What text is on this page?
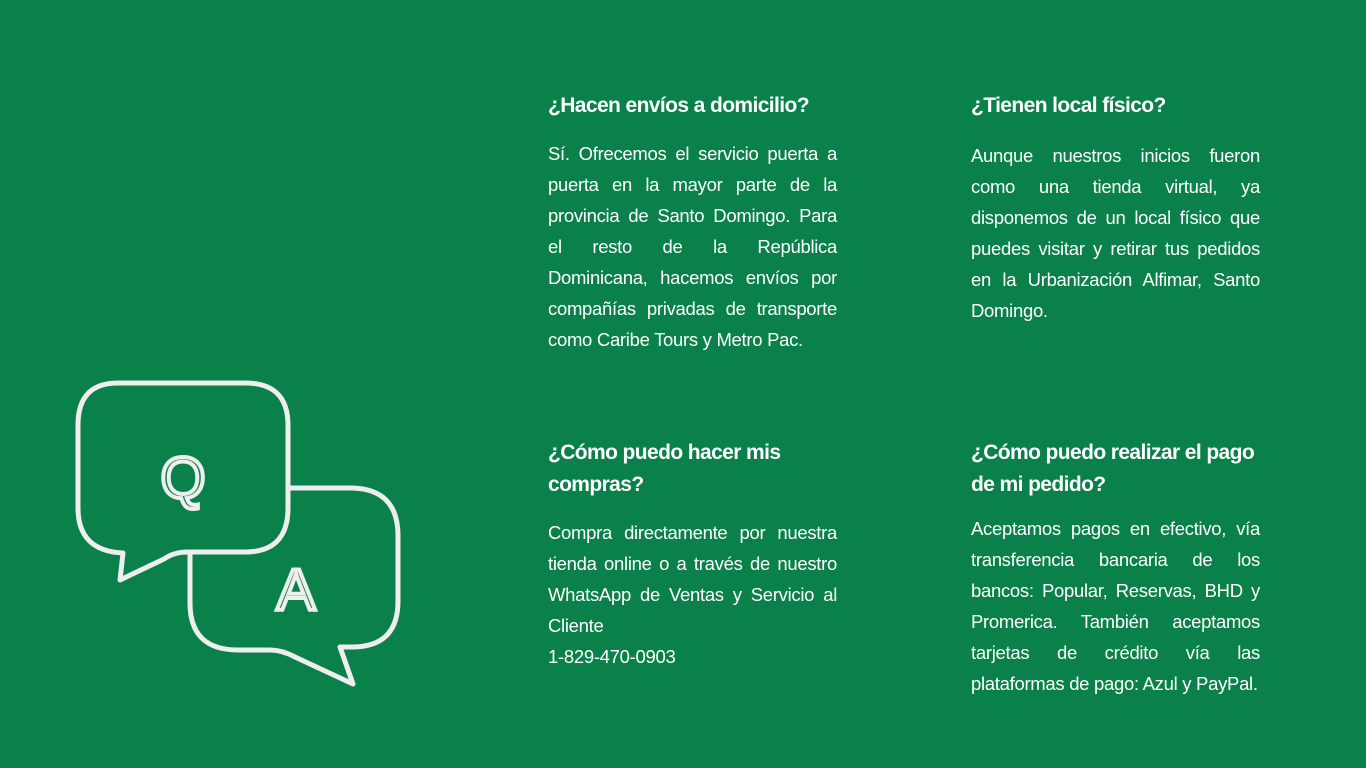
Q
A
¿Hacen envíos a domicilio?

Sí. Ofrecemos el servicio puerta a puerta en la mayor parte de la provincia de Santo Domingo. Para el resto de la República Dominicana, hacemos envíos por compañías privadas de transporte como Caribe Tours y Metro Pac.

¿Tienen local físico?

Aunque nuestros inicios fueron como una tienda virtual, ya disponemos de un local físico que puedes visitar y retirar tus pedidos en la Urbanización Alfimar, Santo Domingo.

¿Cómo puedo hacer mis compras?

Compra directamente por nuestra tienda online o a través de nuestro WhatsApp de Ventas y Servicio al Cliente
1-829-470-0903

¿Cómo puedo realizar el pago de mi pedido?

Aceptamos pagos en efectivo, vía transferencia bancaria de los bancos: Popular, Reservas, BHD y Promerica. También aceptamos tarjetas de crédito vía las plataformas de pago: Azul y PayPal.
